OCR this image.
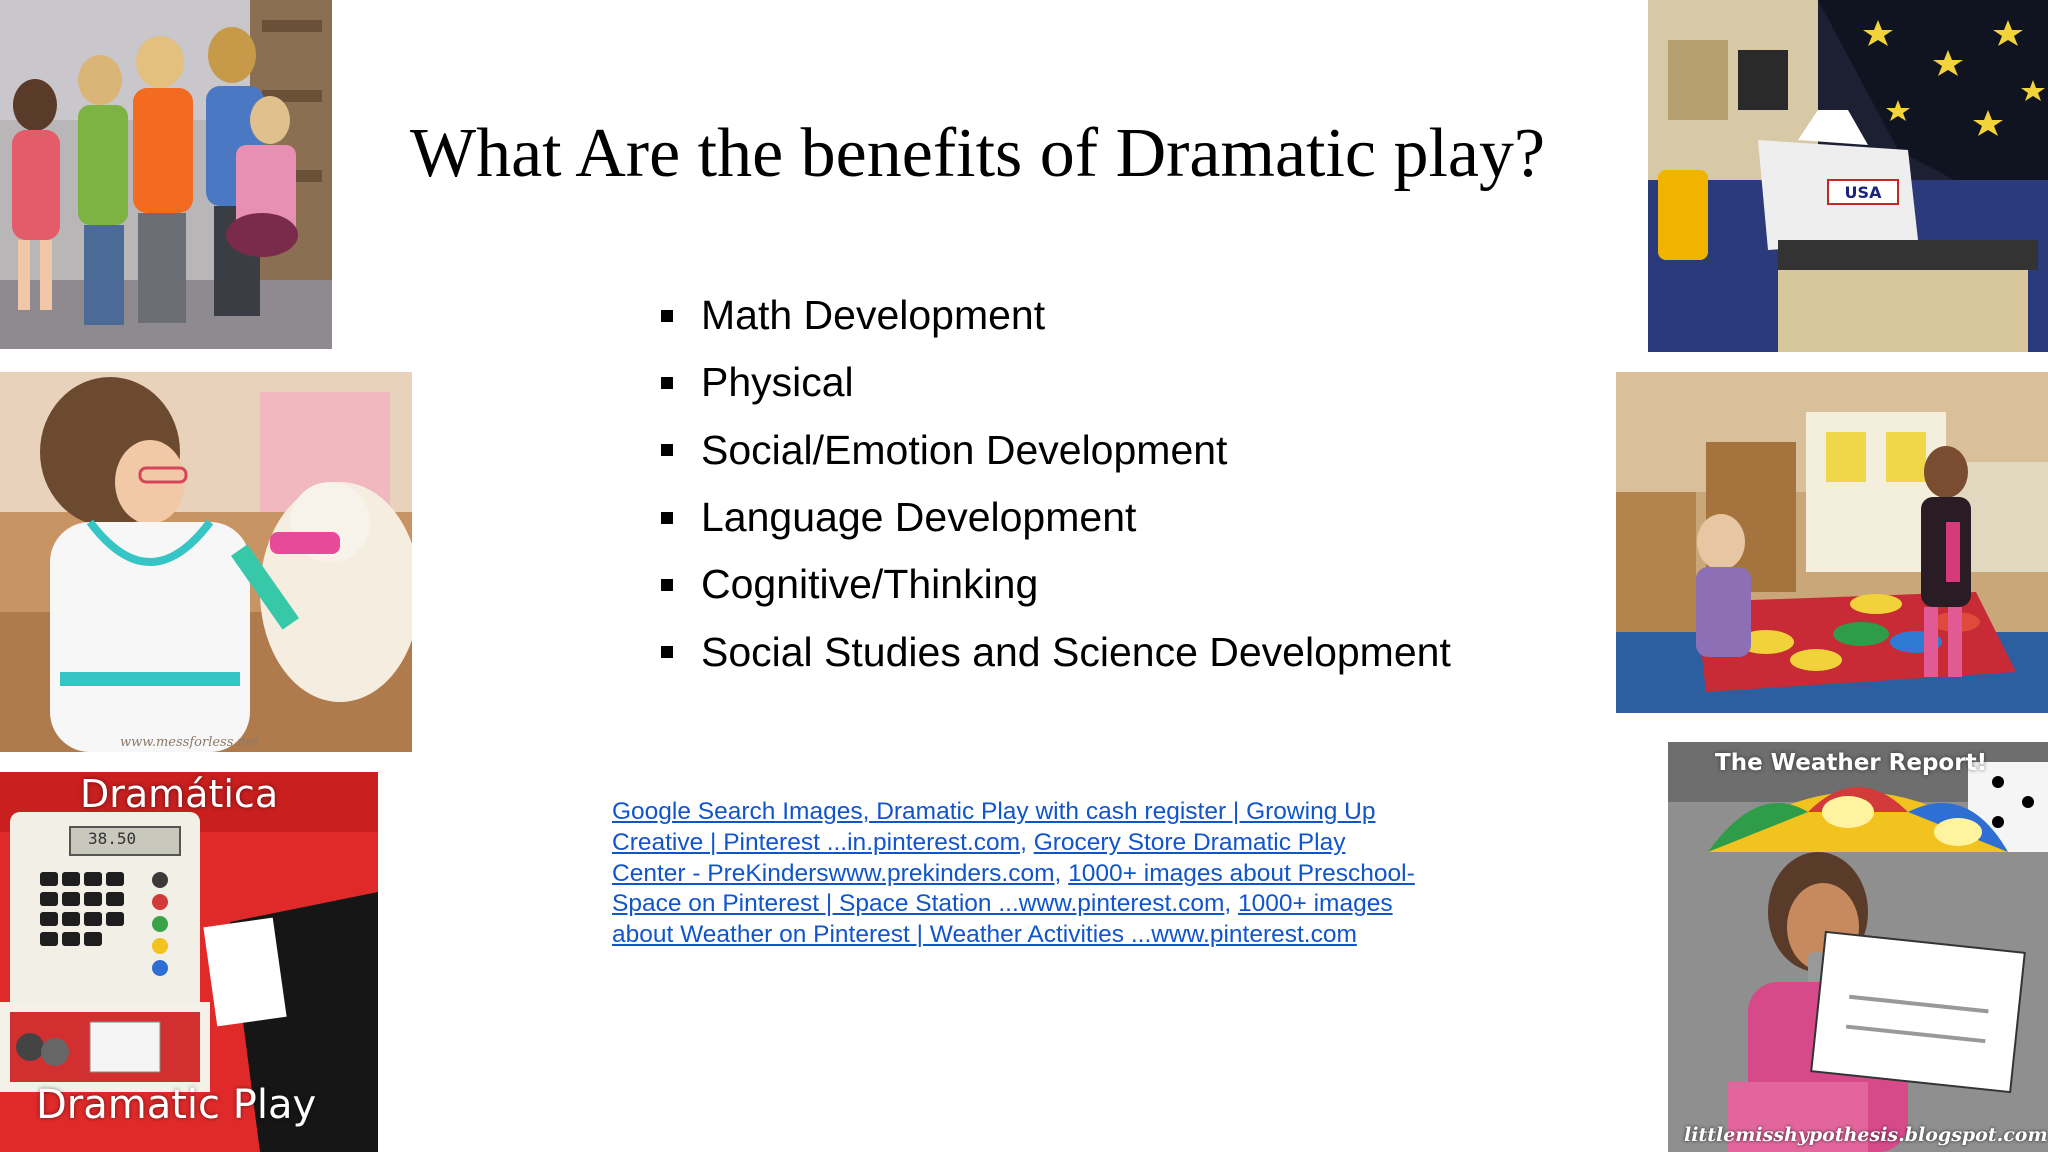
What Are the benefits of Dramatic play?
Math Development
Physical
Social/Emotion Development
Language Development
Cognitive/Thinking
Social Studies and Science Development
Google Search Images, Dramatic Play with cash register | Growing Up Creative | Pinterest ...in.pinterest.com, Grocery Store Dramatic Play Center - PreKinderswww.prekinders.com, 1000+ images about Preschool- Space on Pinterest | Space Station ...www.pinterest.com, 1000+ images about Weather on Pinterest | Weather Activities ...www.pinterest.com
USA
www.messforless.net
38.50
Dramática
Dramatic Play
The Weather Report!
littlemisshypothesis.blogspot.com
